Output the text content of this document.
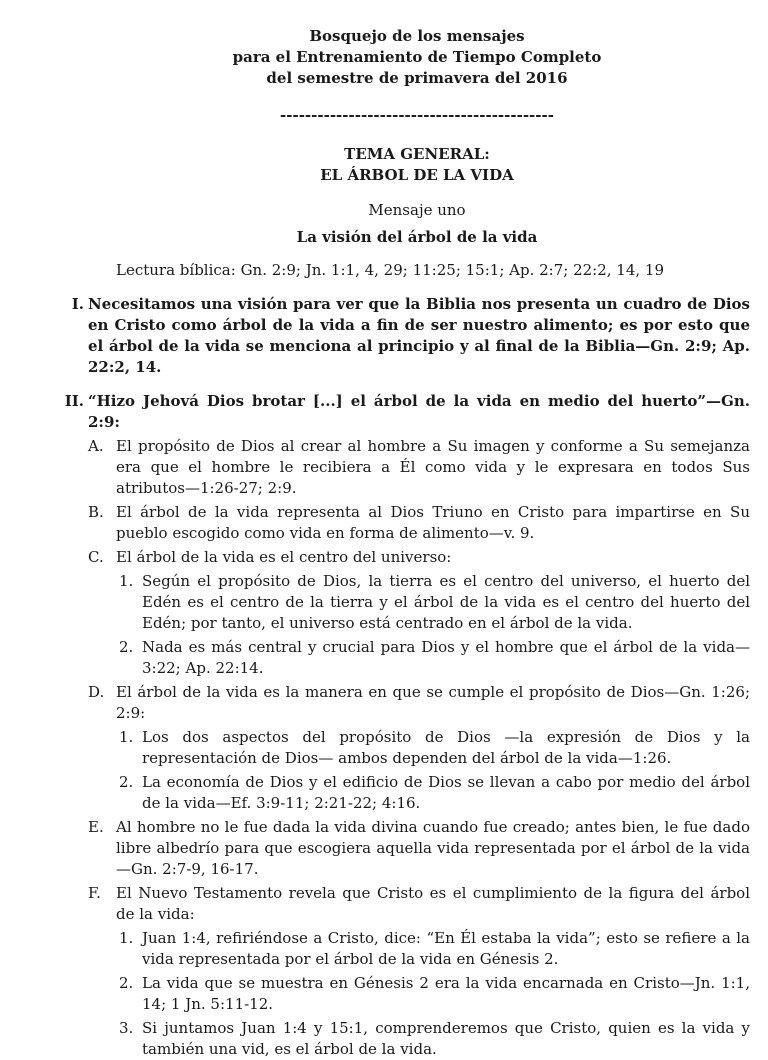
Bosquejo de los mensajes

para el Entrenamiento de Tiempo Completo

del semestre de primavera del 2016

--------------------------------------------
TEMA GENERAL:
EL ÁRBOL DE LA VIDA
Mensaje uno
La visión del árbol de la vida
Lectura bíblica: Gn. 2:9; Jn. 1:1, 4, 29; 11:25; 15:1; Ap. 2:7; 22:2, 14, 19
I. Necesitamos una visión para ver que la Biblia nos presenta un cuadro de Dios en Cristo como árbol de la vida a fin de ser nuestro alimento; es por esto que el árbol de la vida se menciona al principio y al final de la Biblia—Gn. 2:9; Ap. 22:2, 14.
II. “Hizo Jehová Dios brotar [...] el árbol de la vida en medio del huerto”—Gn. 2:9:
A. El propósito de Dios al crear al hombre a Su imagen y conforme a Su semejanza era que el hombre le recibiera a Él como vida y le expresara en todos Sus atributos—1:26-27; 2:9.
B. El árbol de la vida representa al Dios Triuno en Cristo para impartirse en Su pueblo escogido como vida en forma de alimento—v. 9.
C. El árbol de la vida es el centro del universo:
1. Según el propósito de Dios, la tierra es el centro del universo, el huerto del Edén es el centro de la tierra y el árbol de la vida es el centro del huerto del Edén; por tanto, el universo está centrado en el árbol de la vida.
2. Nada es más central y crucial para Dios y el hombre que el árbol de la vida—3:22; Ap. 22:14.
D. El árbol de la vida es la manera en que se cumple el propósito de Dios—Gn. 1:26; 2:9:
1. Los dos aspectos del propósito de Dios —la expresión de Dios y la representación de Dios— ambos dependen del árbol de la vida—1:26.
2. La economía de Dios y el edificio de Dios se llevan a cabo por medio del árbol de la vida—Ef. 3:9-11; 2:21-22; 4:16.
E. Al hombre no le fue dada la vida divina cuando fue creado; antes bien, le fue dado libre albedrío para que escogiera aquella vida representada por el árbol de la vida—Gn. 2:7-9, 16-17.
F. El Nuevo Testamento revela que Cristo es el cumplimiento de la figura del árbol de la vida:
1. Juan 1:4, refiriéndose a Cristo, dice: “En Él estaba la vida”; esto se refiere a la vida representada por el árbol de la vida en Génesis 2.
2. La vida que se muestra en Génesis 2 era la vida encarnada en Cristo—Jn. 1:1, 14; 1 Jn. 5:11-12.
3. Si juntamos Juan 1:4 y 15:1, comprenderemos que Cristo, quien es la vida y también una vid, es el árbol de la vida.
